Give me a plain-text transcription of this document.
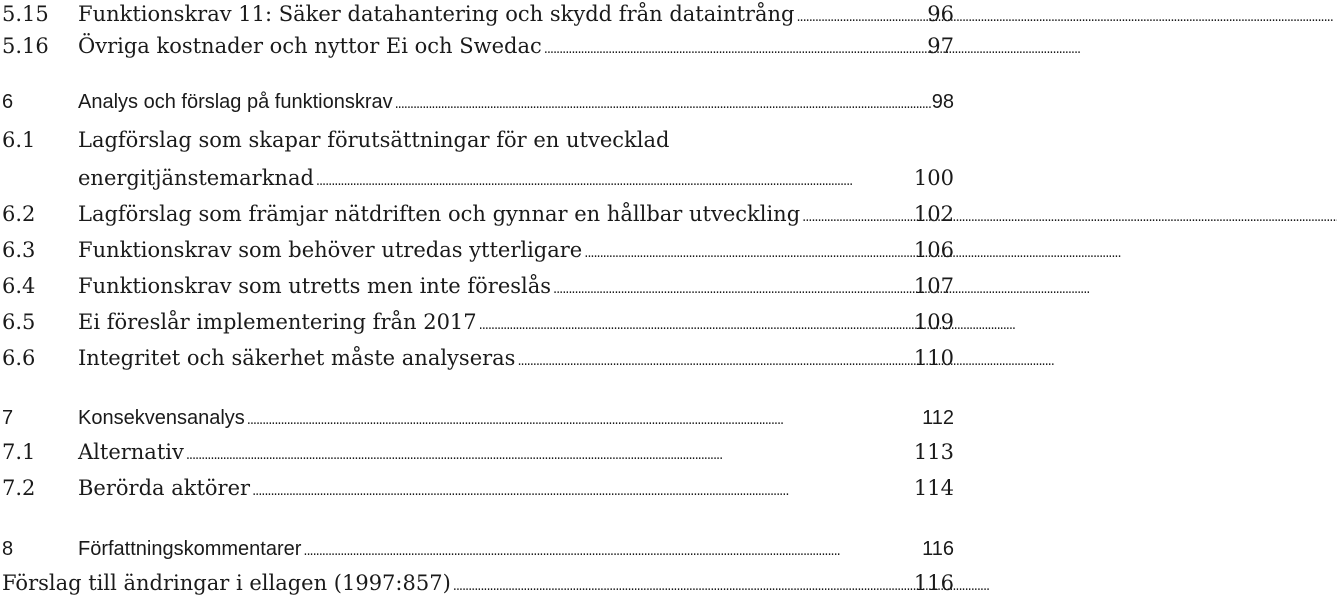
5.15	Funktionskrav 11: Säker datahantering och skydd från dataintrång . . .	96
5.16	Övriga kostnader och nyttor Ei och Swedac . . .	97
6	Analys och förslag på funktionskrav . . .	98
6.1	Lagförslag som skapar förutsättningar för en utvecklad
energitjänstemarknad . . .	100
6.2	Lagförslag som främjar nätdriften och gynnar en hållbar utveckling . . .	102
6.3	Funktionskrav som behöver utredas ytterligare . . .	106
6.4	Funktionskrav som utretts men inte föreslås . . .	107
6.5	Ei föreslår implementering från 2017 . . .	109
6.6	Integritet och säkerhet måste analyseras . . .	110
7	Konsekvensanalys . . .	112
7.1	Alternativ . . .	113
7.2	Berörda aktörer . . .	114
8	Författningskommentarer . . .	116
Förslag till ändringar i ellagen (1997:857) . . .	116
